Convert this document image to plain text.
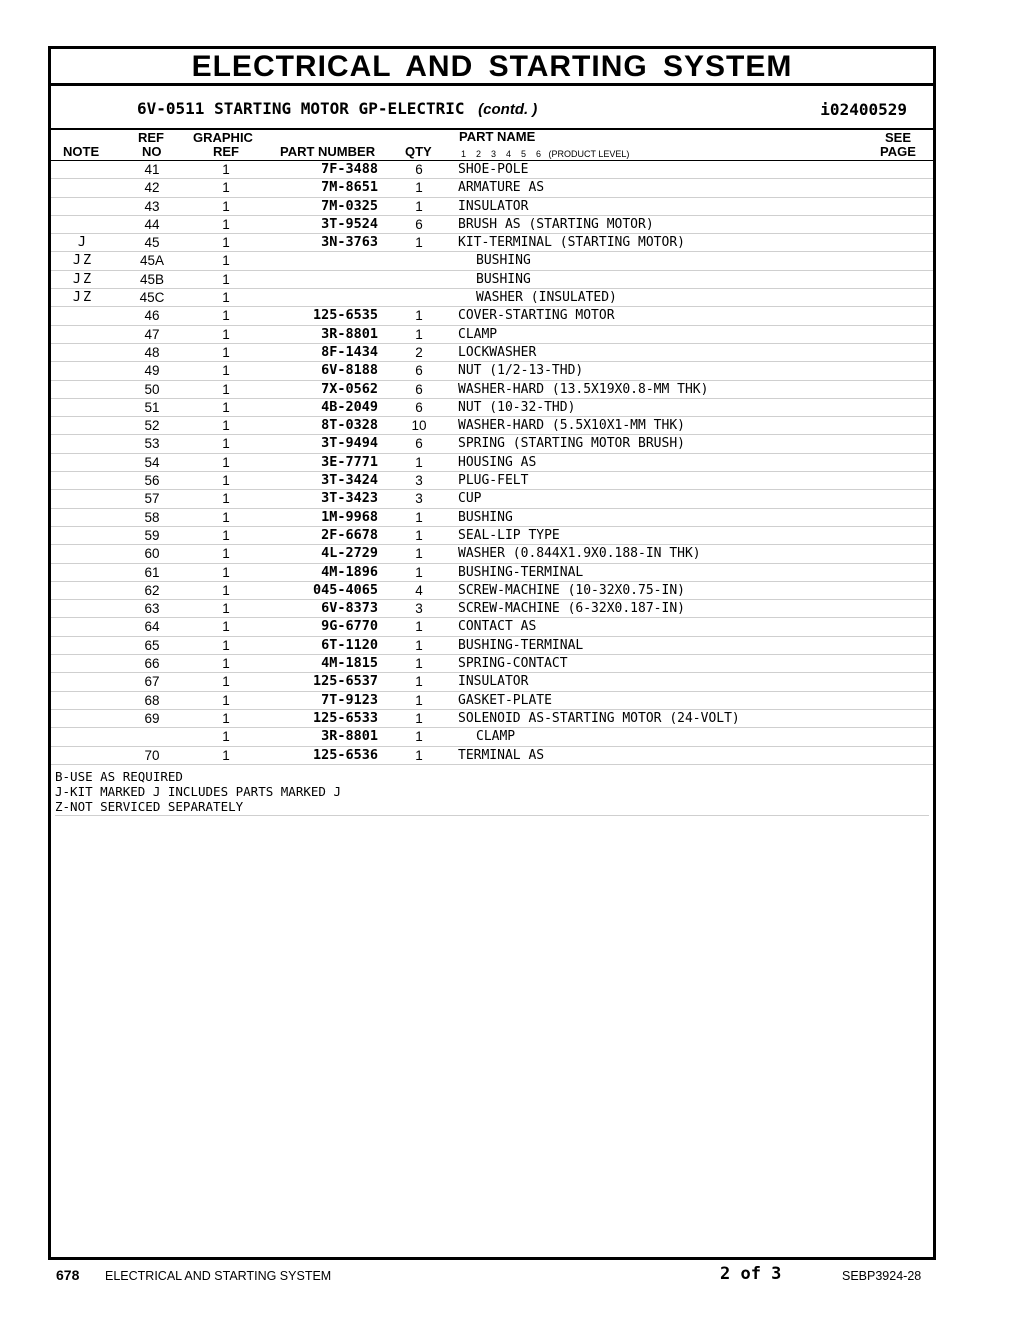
ELECTRICAL AND STARTING SYSTEM
6V-0511 STARTING MOTOR GP-ELECTRIC (contd. )	i02400529
NOTE
REF
NO
GRAPHIC
REF	PART NUMBER QTY
PART NAME
1    2    3    4    5    6   (PRODUCT LEVEL)
SEE
PAGE
41	1	7F-3488	6	SHOE-POLE
42	1	7M-8651	1	ARMATURE AS
43	1	7M-0325	1	INSULATOR
44	1	3T-9524	6	BRUSH AS (STARTING MOTOR)
J	45	1	3N-3763	1	KIT-TERMINAL (STARTING MOTOR)
JZ	45A	1	BUSHING
JZ	45B	1	BUSHING
JZ	45C	1	WASHER (INSULATED)
46	1	125-6535	1	COVER-STARTING MOTOR
47	1	3R-8801	1	CLAMP
48	1	8F-1434	2	LOCKWASHER
49	1	6V-8188	6	NUT (1/2-13-THD)
50	1	7X-0562	6	WASHER-HARD (13.5X19X0.8-MM THK)
51	1	4B-2049	6	NUT (10-32-THD)
52	1	8T-0328	10	WASHER-HARD (5.5X10X1-MM THK)
53	1	3T-9494	6	SPRING (STARTING MOTOR BRUSH)
54	1	3E-7771	1	HOUSING AS
56	1	3T-3424	3	PLUG-FELT
57	1	3T-3423	3	CUP
58	1	1M-9968	1	BUSHING
59	1	2F-6678	1	SEAL-LIP TYPE
60	1	4L-2729	1	WASHER (0.844X1.9X0.188-IN THK)
61	1	4M-1896	1	BUSHING-TERMINAL
62	1	045-4065	4	SCREW-MACHINE (10-32X0.75-IN)
63	1	6V-8373	3	SCREW-MACHINE (6-32X0.187-IN)
64	1	9G-6770	1	CONTACT AS
65	1	6T-1120	1	BUSHING-TERMINAL
66	1	4M-1815	1	SPRING-CONTACT
67	1	125-6537	1	INSULATOR
68	1	7T-9123	1	GASKET-PLATE
69	1	125-6533	1	SOLENOID AS-STARTING MOTOR (24-VOLT)
1	3R-8801	1	CLAMP
70	1	125-6536	1	TERMINAL AS
B-USE AS REQUIRED
J-KIT MARKED J INCLUDES PARTS MARKED J
Z-NOT SERVICED SEPARATELY
678 ELECTRICAL AND STARTING SYSTEM	2 of 3	SEBP3924-28
